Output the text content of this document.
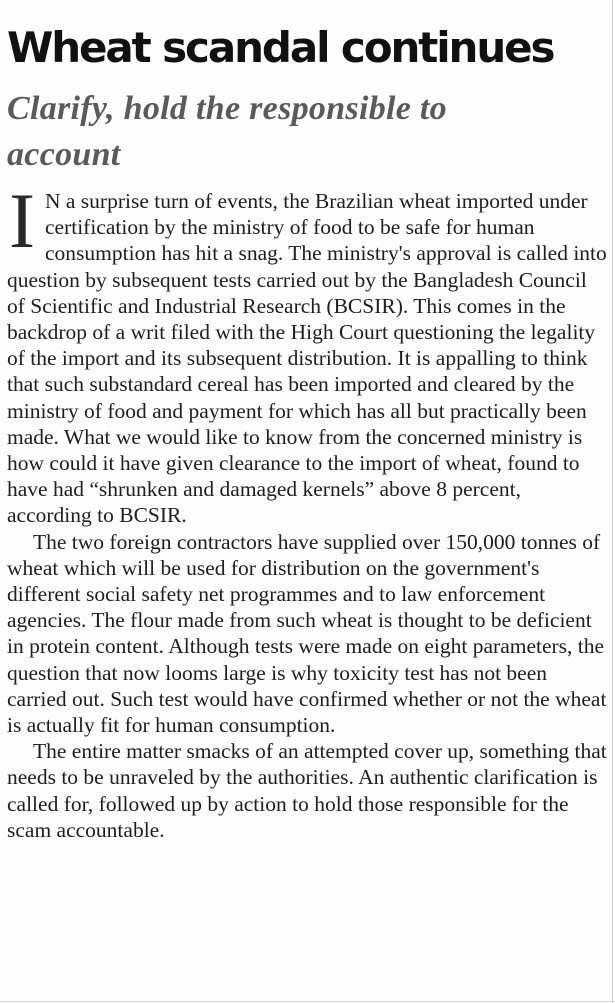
Wheat scandal continues
Clarify, hold the responsible to account

I N a surprise turn of events, the Brazilian wheat imported under certification by the ministry of food to be safe for human consumption has hit a snag. The ministry's approval is called into question by subsequent tests carried out by the Bangladesh Council of Scientific and Industrial Research (BCSIR). This comes in the backdrop of a writ filed with the High Court questioning the legality of the import and its subsequent distribution. It is appalling to think that such substandard cereal has been imported and cleared by the ministry of food and payment for which has all but practically been made. What we would like to know from the concerned ministry is how could it have given clearance to the import of wheat, found to have had “shrunken and damaged kernels” above 8 percent, according to BCSIR.

The two foreign contractors have supplied over 150,000 tonnes of wheat which will be used for distribution on the government's different social safety net programmes and to law enforcement agencies. The flour made from such wheat is thought to be deficient in protein content. Although tests were made on eight parameters, the question that now looms large is why toxicity test has not been carried out. Such test would have confirmed whether or not the wheat is actually fit for human consumption.

The entire matter smacks of an attempted cover up, something that needs to be unraveled by the authorities. An authentic clarification is called for, followed up by action to hold those responsible for the scam accountable.
